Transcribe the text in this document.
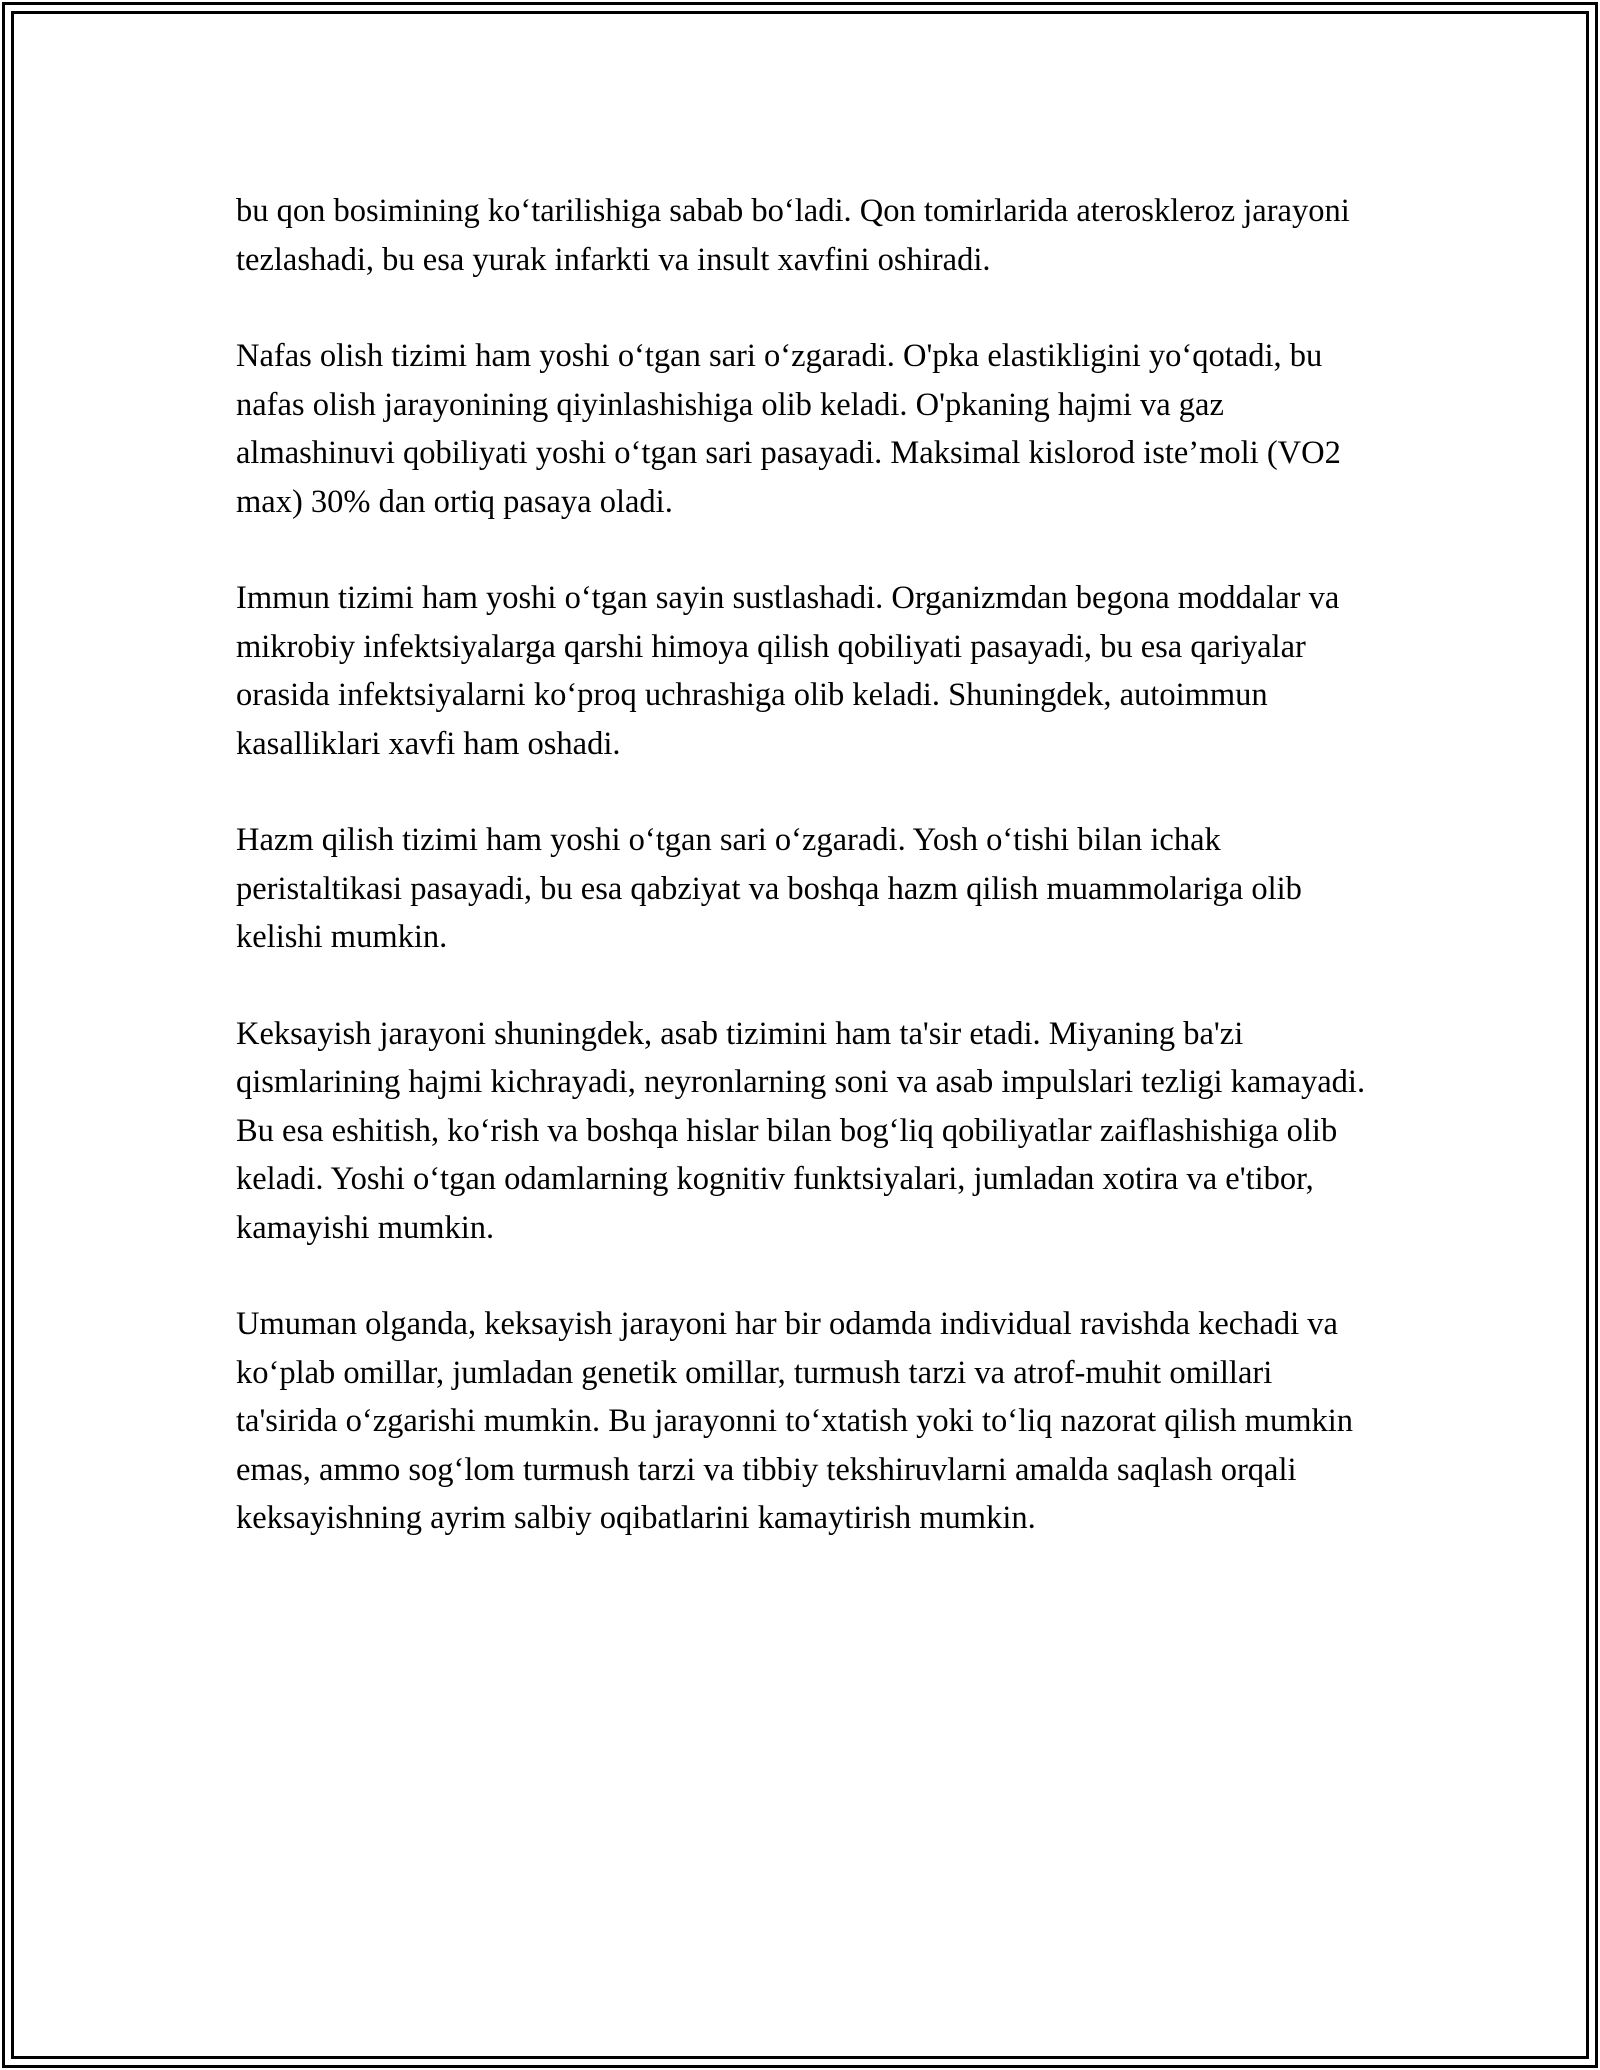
bu qon bosimining ko‘tarilishiga sabab bo‘ladi. Qon tomirlarida ateroskleroz jarayoni tezlashadi, bu esa yurak infarkti va insult xavfini oshiradi.

Nafas olish tizimi ham yoshi o‘tgan sari o‘zgaradi. O'pka elastikligini yo‘qotadi, bu nafas olish jarayonining qiyinlashishiga olib keladi. O'pkaning hajmi va gaz almashinuvi qobiliyati yoshi o‘tgan sari pasayadi. Maksimal kislorod iste’moli (VO2 max) 30% dan ortiq pasaya oladi.

Immun tizimi ham yoshi o‘tgan sayin sustlashadi. Organizmdan begona moddalar va mikrobiy infektsiyalarga qarshi himoya qilish qobiliyati pasayadi, bu esa qariyalar orasida infektsiyalarni ko‘proq uchrashiga olib keladi. Shuningdek, autoimmun kasalliklari xavfi ham oshadi.

Hazm qilish tizimi ham yoshi o‘tgan sari o‘zgaradi. Yosh o‘tishi bilan ichak peristaltikasi pasayadi, bu esa qabziyat va boshqa hazm qilish muammolariga olib kelishi mumkin.

Keksayish jarayoni shuningdek, asab tizimini ham ta'sir etadi. Miyaning ba'zi qismlarining hajmi kichrayadi, neyronlarning soni va asab impulslari tezligi kamayadi. Bu esa eshitish, ko‘rish va boshqa hislar bilan bog‘liq qobiliyatlar zaiflashishiga olib keladi. Yoshi o‘tgan odamlarning kognitiv funktsiyalari, jumladan xotira va e'tibor, kamayishi mumkin.

Umuman olganda, keksayish jarayoni har bir odamda individual ravishda kechadi va ko‘plab omillar, jumladan genetik omillar, turmush tarzi va atrof-muhit omillari ta'sirida o‘zgarishi mumkin. Bu jarayonni to‘xtatish yoki to‘liq nazorat qilish mumkin emas, ammo sog‘lom turmush tarzi va tibbiy tekshiruvlarni amalda saqlash orqali keksayishning ayrim salbiy oqibatlarini kamaytirish mumkin.
